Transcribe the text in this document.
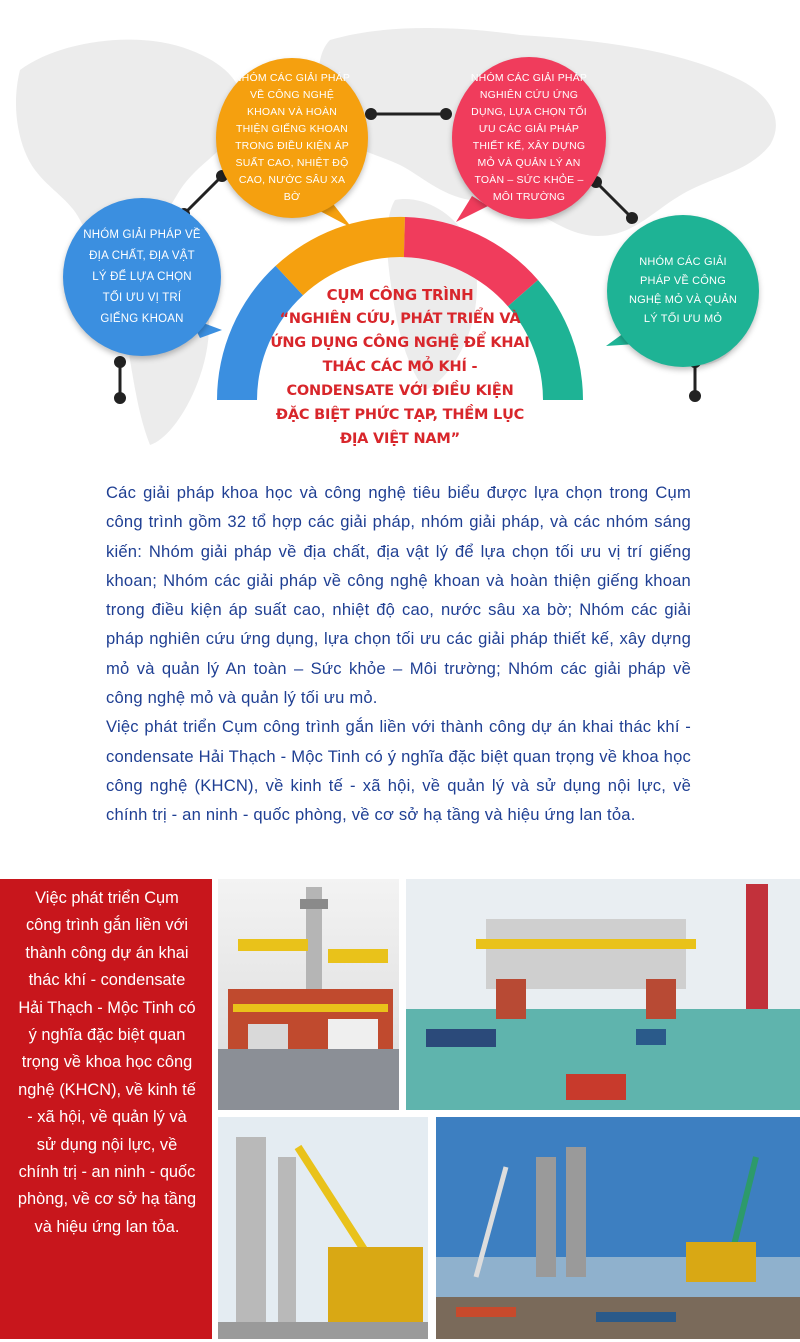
NHÓM GIẢI PHÁP VỀ ĐỊA CHẤT, ĐỊA VẬT LÝ ĐỂ LỰA CHỌN TỐI ƯU VỊ TRÍ GIẾNG KHOAN
NHÓM CÁC GIẢI PHÁP VỀ CÔNG NGHỆ KHOAN VÀ HOÀN THIỆN GIẾNG KHOAN TRONG ĐIỀU KIỆN ÁP SUẤT CAO, NHIỆT ĐỘ CAO, NƯỚC SÂU XA BỜ
NHÓM CÁC GIẢI PHÁP NGHIÊN CỨU ỨNG DỤNG, LỰA CHỌN TỐI ƯU CÁC GIẢI PHÁP THIẾT KẾ, XÂY DỰNG MỎ VÀ QUẢN LÝ AN TOÀN – SỨC KHỎE – MÔI TRƯỜNG
NHÓM CÁC GIẢI PHÁP VỀ CÔNG NGHỆ MỎ VÀ QUẢN LÝ TỐI ƯU MỎ
CỤM CÔNG TRÌNH
“NGHIÊN CỨU, PHÁT TRIỂN VÀ ỨNG DỤNG CÔNG NGHỆ ĐỂ KHAI THÁC CÁC MỎ KHÍ - CONDENSATE VỚI ĐIỀU KIỆN ĐẶC BIỆT PHỨC TẠP, THỀM LỤC ĐỊA VIỆT NAM”

Các giải pháp khoa học và công nghệ tiêu biểu được lựa chọn trong Cụm công trình gồm 32 tổ hợp các giải pháp, nhóm giải pháp, và các nhóm sáng kiến: Nhóm giải pháp về địa chất, địa vật lý để lựa chọn tối ưu vị trí giếng khoan; Nhóm các giải pháp về công nghệ khoan và hoàn thiện giếng khoan trong điều kiện áp suất cao, nhiệt độ cao, nước sâu xa bờ; Nhóm các giải pháp nghiên cứu ứng dụng, lựa chọn tối ưu các giải pháp thiết kế, xây dựng mỏ và quản lý An toàn – Sức khỏe – Môi trường; Nhóm các giải pháp về công nghệ mỏ và quản lý tối ưu mỏ.

Việc phát triển Cụm công trình gắn liền với thành công dự án khai thác khí - condensate Hải Thạch - Mộc Tinh có ý nghĩa đặc biệt quan trọng về khoa học công nghệ (KHCN), về kinh tế - xã hội, về quản lý và sử dụng nội lực, về chính trị - an ninh - quốc phòng, về cơ sở hạ tầng và hiệu ứng lan tỏa.

Việc phát triển Cụm công trình gắn liền với thành công dự án khai thác khí - condensate Hải Thạch - Mộc Tinh có ý nghĩa đặc biệt quan trọng về khoa học công nghệ (KHCN), về kinh tế - xã hội, về quản lý và sử dụng nội lực, về chính trị - an ninh - quốc phòng, về cơ sở hạ tầng và hiệu ứng lan tỏa.
